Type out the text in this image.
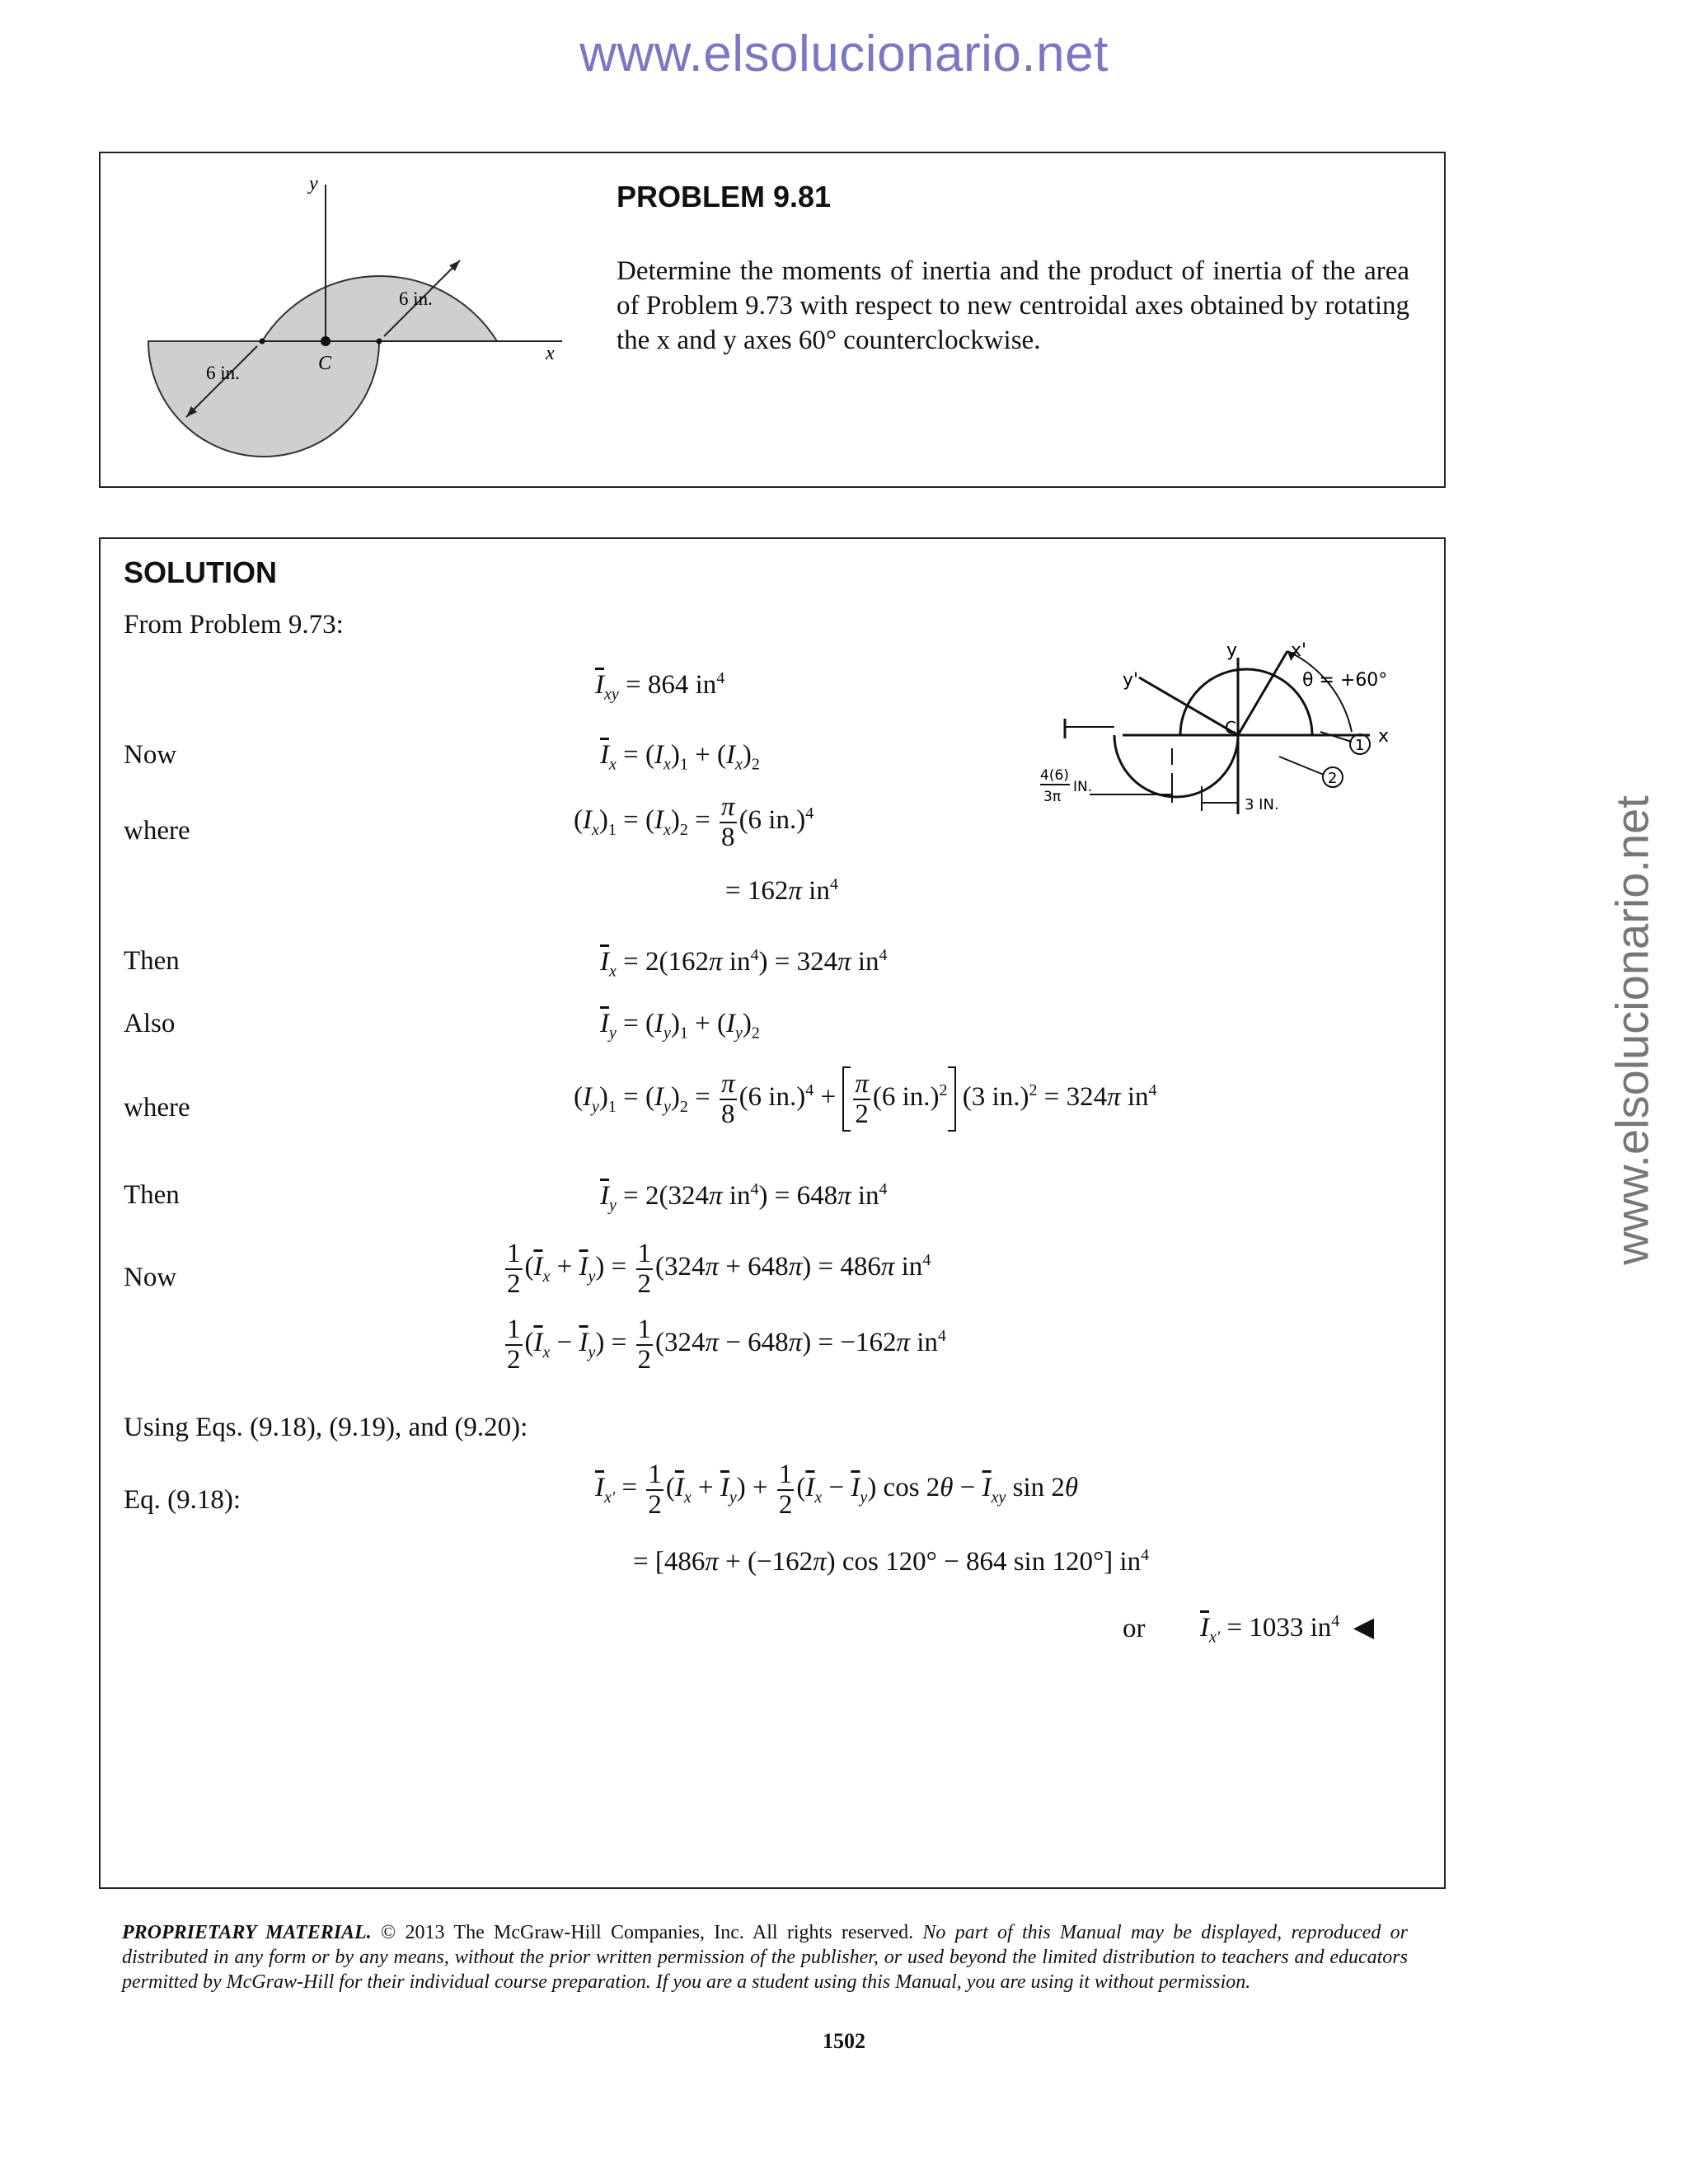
www.elsolucionario.net
www.elsolucionario.net
y
x
C
6 in.
6 in.
PROBLEM 9.81
Determine the moments of inertia and the product of inertia of the area of Problem 9.73 with respect to new centroidal axes obtained by rotating the x and y axes 60° counterclockwise.
SOLUTION
From Problem 9.73:
$\overline{I}_{xy} = 864$ $in^4$
Now	$\overline{I}_x = (I_x)_1 + (I_x)_2$
where	$(I_x)_1 = (I_x)_2 = \frac{\pi}{8} (6$ in.)$^4$
= 162π $in^4$
Then	$\overline{I}_x = 2(162\pi$ $in^4) = 324\pi$ $in^4$
Also	$\overline{I}_y = (I_y)_1 + (I_y)_2$
where	$(I_y)_1 = (I_y)_2 = \frac{\pi}{8} (6$ $in.)^4 + \frac{\pi}{2} (6$ in.)$^2$ (3 in.)$^2$ = 324π $in^4$
Then	$\overline{I}_y = 2(324\pi$ $in^4) = 648\pi$ $in^4$
Now	$\frac{1}{2} (\overline{I}_x + \overline{I}_y) = \frac{1}{2} (324\pi + 648\pi) = 486\pi$ $in^4$
$\frac{1}{2} (\overline{I}_x - \overline{I}_y) = \frac{1}{2} (324\pi - 648\pi) = -162\pi$ $in^4$
Using Eqs. (9.18), (9.19), and (9.20):
Eq. (9.18):	$\overline{I}_{x'} = \frac{1}{2} (\overline{I}_x + \overline{I}_y) + \frac{1}{2} (\overline{I}_x - \overline{I}_y)$ $\cos 2\theta - \overline{I}_{xy}$ sin 2θ
= [486π + (−162π) cos 120° − 864 sin 120°] $in^4$
or $\overline{I}_{x'} = 1033$ $in^4$ ◀
y
y'
x'
x
C
θ = +60°
1
2
4(6)
3π
IN.
3 IN.
PROPRIETARY MATERIAL. © 2013 The McGraw-Hill Companies, Inc. All rights reserved. No part of this Manual may be displayed, reproduced or distributed in any form or by any means, without the prior written permission of the publisher, or used beyond the limited distribution to teachers and educators permitted by McGraw-Hill for their individual course preparation. If you are a student using this Manual, you are using it without permission.
1502
